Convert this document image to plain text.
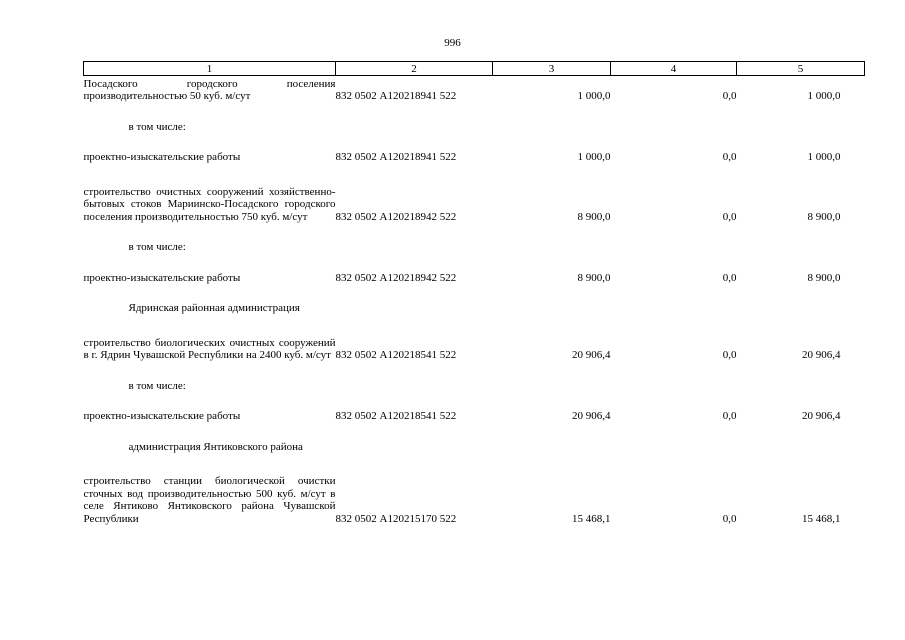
996
1	2	3	4	5
Посадского городского поселения производительностью 50 куб. м/сут	832 0502 А120218941 522	1 000,0	0,0	1 000,0

в том числе:				

проектно-изыскательские работы	832 0502 А120218941 522	1 000,0	0,0	1 000,0

строительство очистных сооружений хозяйственно-бытовых стоков Мариинско-Посадского городского поселения производительностью 750 куб. м/сут	832 0502 А120218942 522	8 900,0	0,0	8 900,0

в том числе:				

проектно-изыскательские работы	832 0502 А120218942 522	8 900,0	0,0	8 900,0

Ядринская районная администрация				

строительство биологических очистных сооружений в г. Ядрин Чувашской Республики на 2400 куб. м/сут	832 0502 А120218541 522	20 906,4	0,0	20 906,4

в том числе:				

проектно-изыскательские работы	832 0502 А120218541 522	20 906,4	0,0	20 906,4

администрация Янтиковского района				

строительство станции биологической очистки сточных вод производительностью 500 куб. м/сут в селе Янтиково Янтиковского района Чувашской Республики	832 0502 А120215170 522	15 468,1	0,0	15 468,1
